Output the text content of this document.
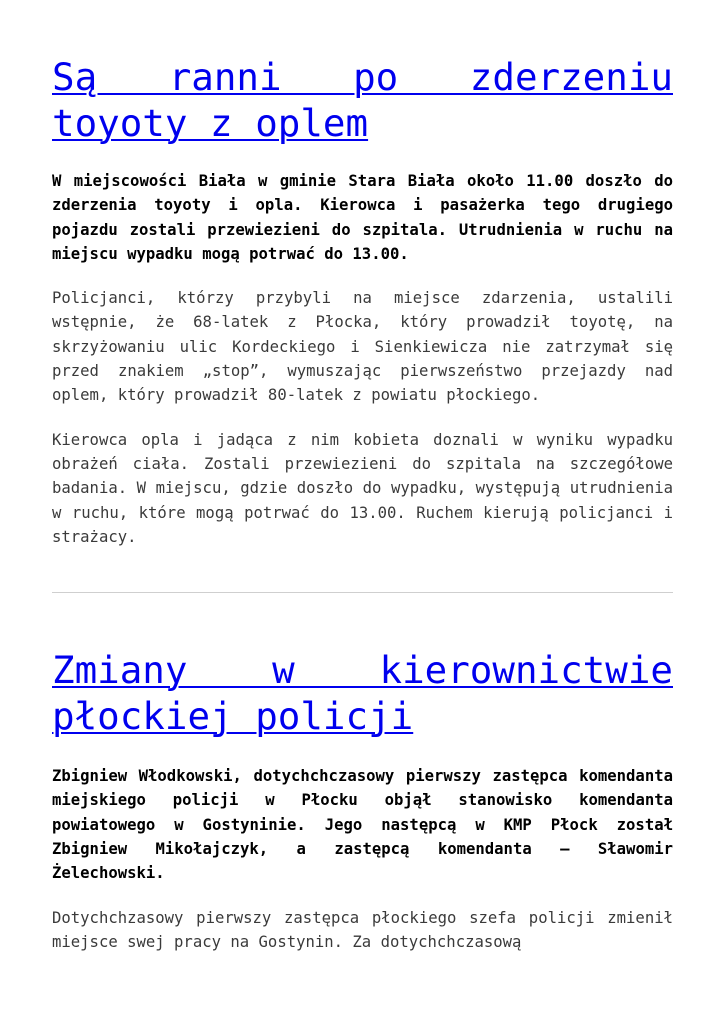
Są ranni po zderzeniu toyoty z oplem

W miejscowości Biała w gminie Stara Biała około 11.00 doszło do zderzenia toyoty i opla. Kierowca i pasażerka tego drugiego pojazdu zostali przewiezieni do szpitala. Utrudnienia w ruchu na miejscu wypadku mogą potrwać do 13.00.

Policjanci, którzy przybyli na miejsce zdarzenia, ustalili wstępnie, że 68-latek z Płocka, który prowadził toyotę, na skrzyżowaniu ulic Kordeckiego i Sienkiewicza nie zatrzymał się przed znakiem „stop”, wymuszając pierwszeństwo przejazdy nad oplem, który prowadził 80-latek z powiatu płockiego.

Kierowca opla i jadąca z nim kobieta doznali w wyniku wypadku obrażeń ciała. Zostali przewiezieni do szpitala na szczegółowe badania. W miejscu, gdzie doszło do wypadku, występują utrudnienia w ruchu, które mogą potrwać do 13.00. Ruchem kierują policjanci i strażacy.

Zmiany w kierownictwie płockiej policji

Zbigniew Włodkowski, dotychchczasowy pierwszy zastępca komendanta miejskiego policji w Płocku objął stanowisko komendanta powiatowego w Gostyninie. Jego następcą w KMP Płock został Zbigniew Mikołajczyk, a zastępcą komendanta – Sławomir Żelechowski.

Dotychchzasowy pierwszy zastępca płockiego szefa policji zmienił miejsce swej pracy na Gostynin. Za dotychchczasową
